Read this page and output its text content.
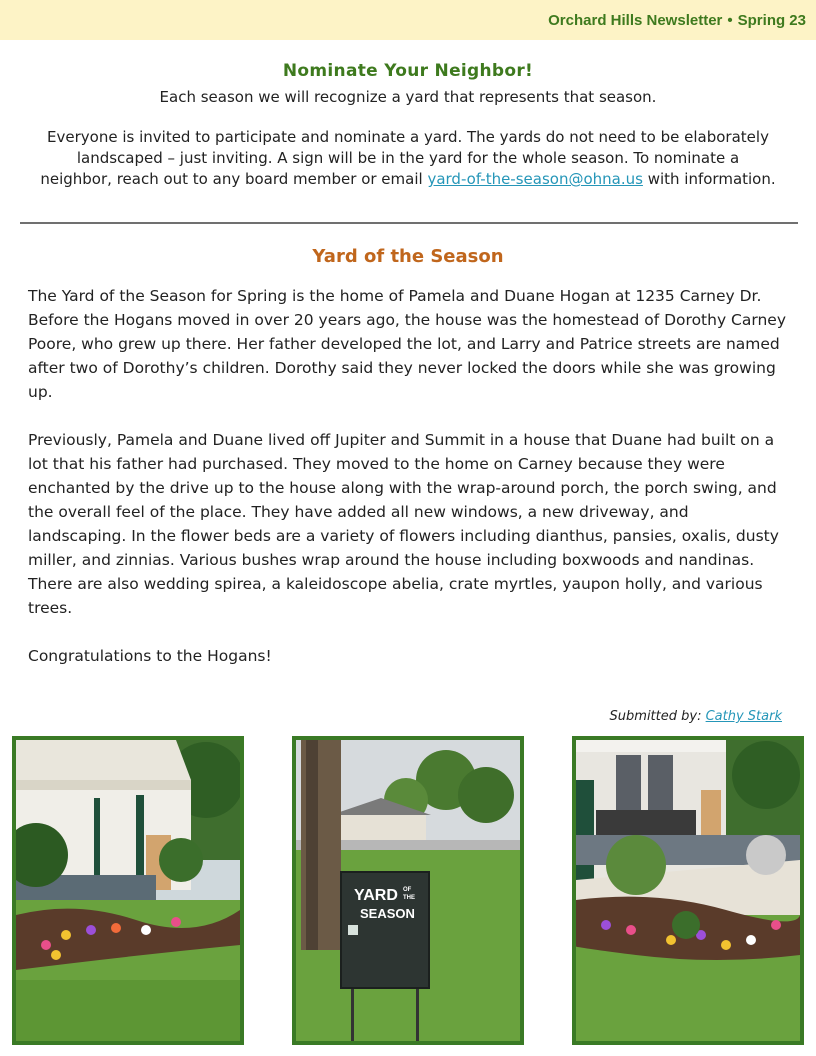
Orchard Hills Newsletter • Spring 23
Nominate Your Neighbor!
Each season we will recognize a yard that represents that season.
Everyone is invited to participate and nominate a yard. The yards do not need to be elaborately landscaped – just inviting. A sign will be in the yard for the whole season. To nominate a neighbor, reach out to any board member or email yard-of-the-season@ohna.us with information.
Yard of the Season

The Yard of the Season for Spring is the home of Pamela and Duane Hogan at 1235 Carney Dr. Before the Hogans moved in over 20 years ago, the house was the homestead of Dorothy Carney Poore, who grew up there. Her father developed the lot, and Larry and Patrice streets are named after two of Dorothy’s children. Dorothy said they never locked the doors while she was growing up.

Previously, Pamela and Duane lived off Jupiter and Summit in a house that Duane had built on a lot that his father had purchased. They moved to the home on Carney because they were enchanted by the drive up to the house along with the wrap-around porch, the porch swing, and the overall feel of the place. They have added all new windows, a new driveway, and landscaping. In the flower beds are a variety of flowers including dianthus, pansies, oxalis, dusty miller, and zinnias. Various bushes wrap around the house including boxwoods and nandinas. There are also wedding spirea, a kaleidoscope abelia, crate myrtles, yaupon holly, and various trees.

Congratulations to the Hogans!

Submitted by: Cathy Stark
YARD OF
THE
SEASON
